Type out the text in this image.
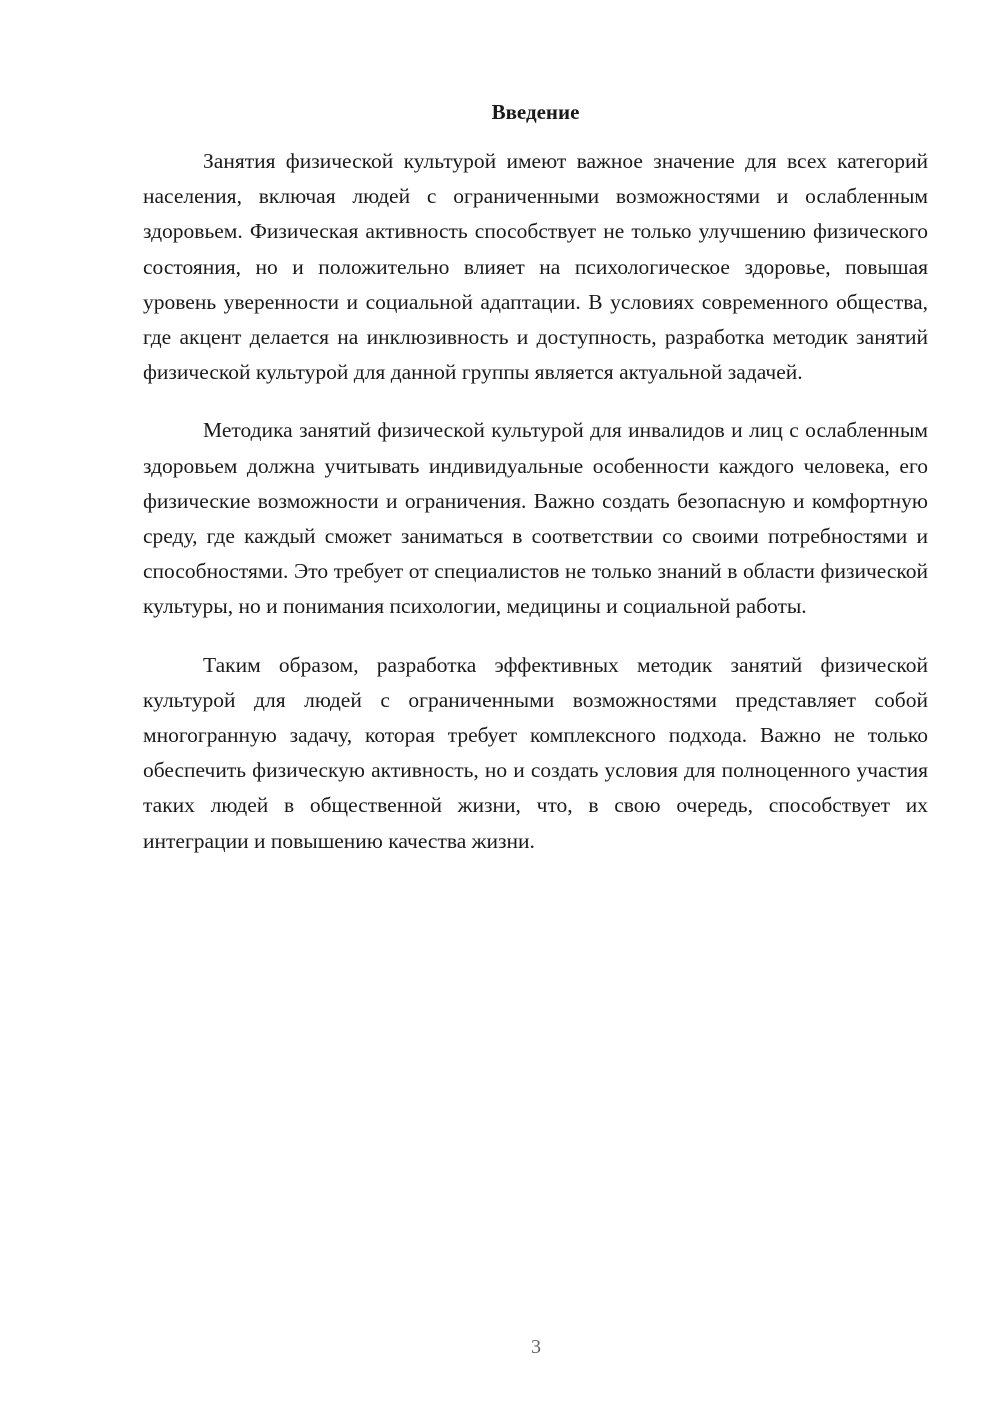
Введение

Занятия физической культурой имеют важное значение для всех категорий населения, включая людей с ограниченными возможностями и ослабленным здоровьем. Физическая активность способствует не только улучшению физического состояния, но и положительно влияет на психологическое здоровье, повышая уровень уверенности и социальной адаптации. В условиях современного общества, где акцент делается на инклюзивность и доступность, разработка методик занятий физической культурой для данной группы является актуальной задачей.

Методика занятий физической культурой для инвалидов и лиц с ослабленным здоровьем должна учитывать индивидуальные особенности каждого человека, его физические возможности и ограничения. Важно создать безопасную и комфортную среду, где каждый сможет заниматься в соответствии со своими потребностями и способностями. Это требует от специалистов не только знаний в области физической культуры, но и понимания психологии, медицины и социальной работы.

Таким образом, разработка эффективных методик занятий физической культурой для людей с ограниченными возможностями представляет собой многогранную задачу, которая требует комплексного подхода. Важно не только обеспечить физическую активность, но и создать условия для полноценного участия таких людей в общественной жизни, что, в свою очередь, способствует их интеграции и повышению качества жизни.

3
